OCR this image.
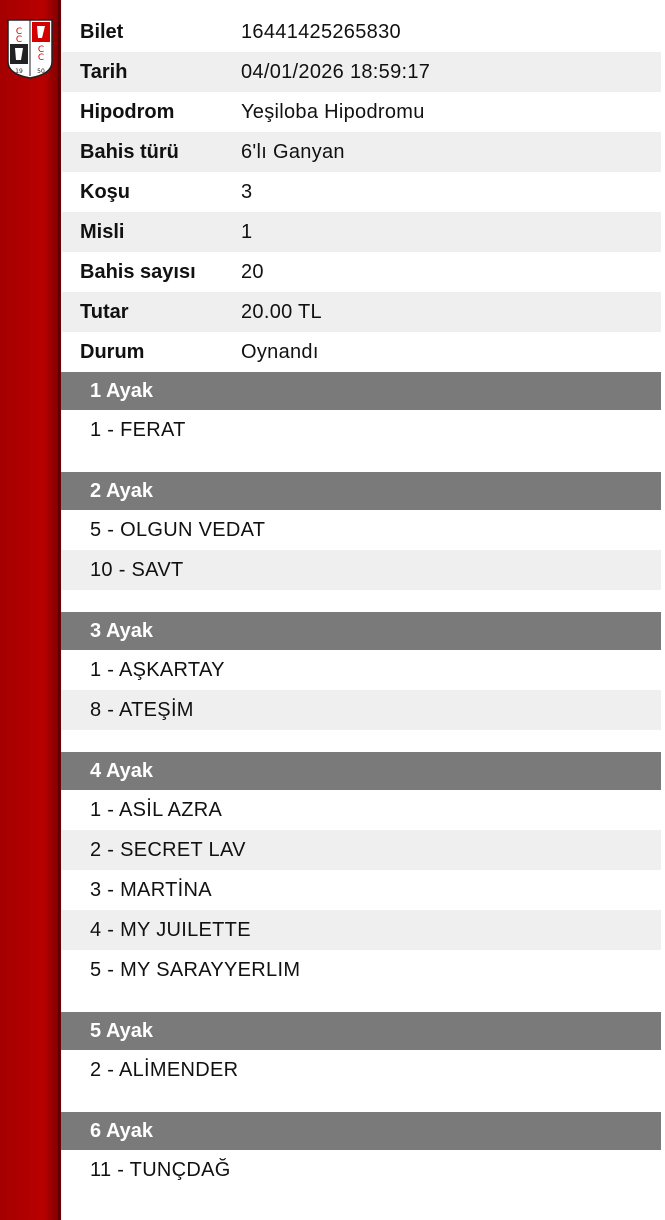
C
C
C
C
19 50
Bilet	16441425265830
Tarih	04/01/2026 18:59:17
Hipodrom	Yeşiloba Hipodromu
Bahis türü	6'lı Ganyan
Koşu	3
Misli	1
Bahis sayısı	20
Tutar	20.00 TL
Durum	Oynandı
1 Ayak
1 - FERAT
2 Ayak
5 - OLGUN VEDAT
10 - SAVT
3 Ayak
1 - AŞKARTAY
8 - ATEŞİM
4 Ayak
1 - ASİL AZRA
2 - SECRET LAV
3 - MARTİNA
4 - MY JUILETTE
5 - MY SARAYYERLIM
5 Ayak
2 - ALİMENDER
6 Ayak
11 - TUNÇDAĞ
